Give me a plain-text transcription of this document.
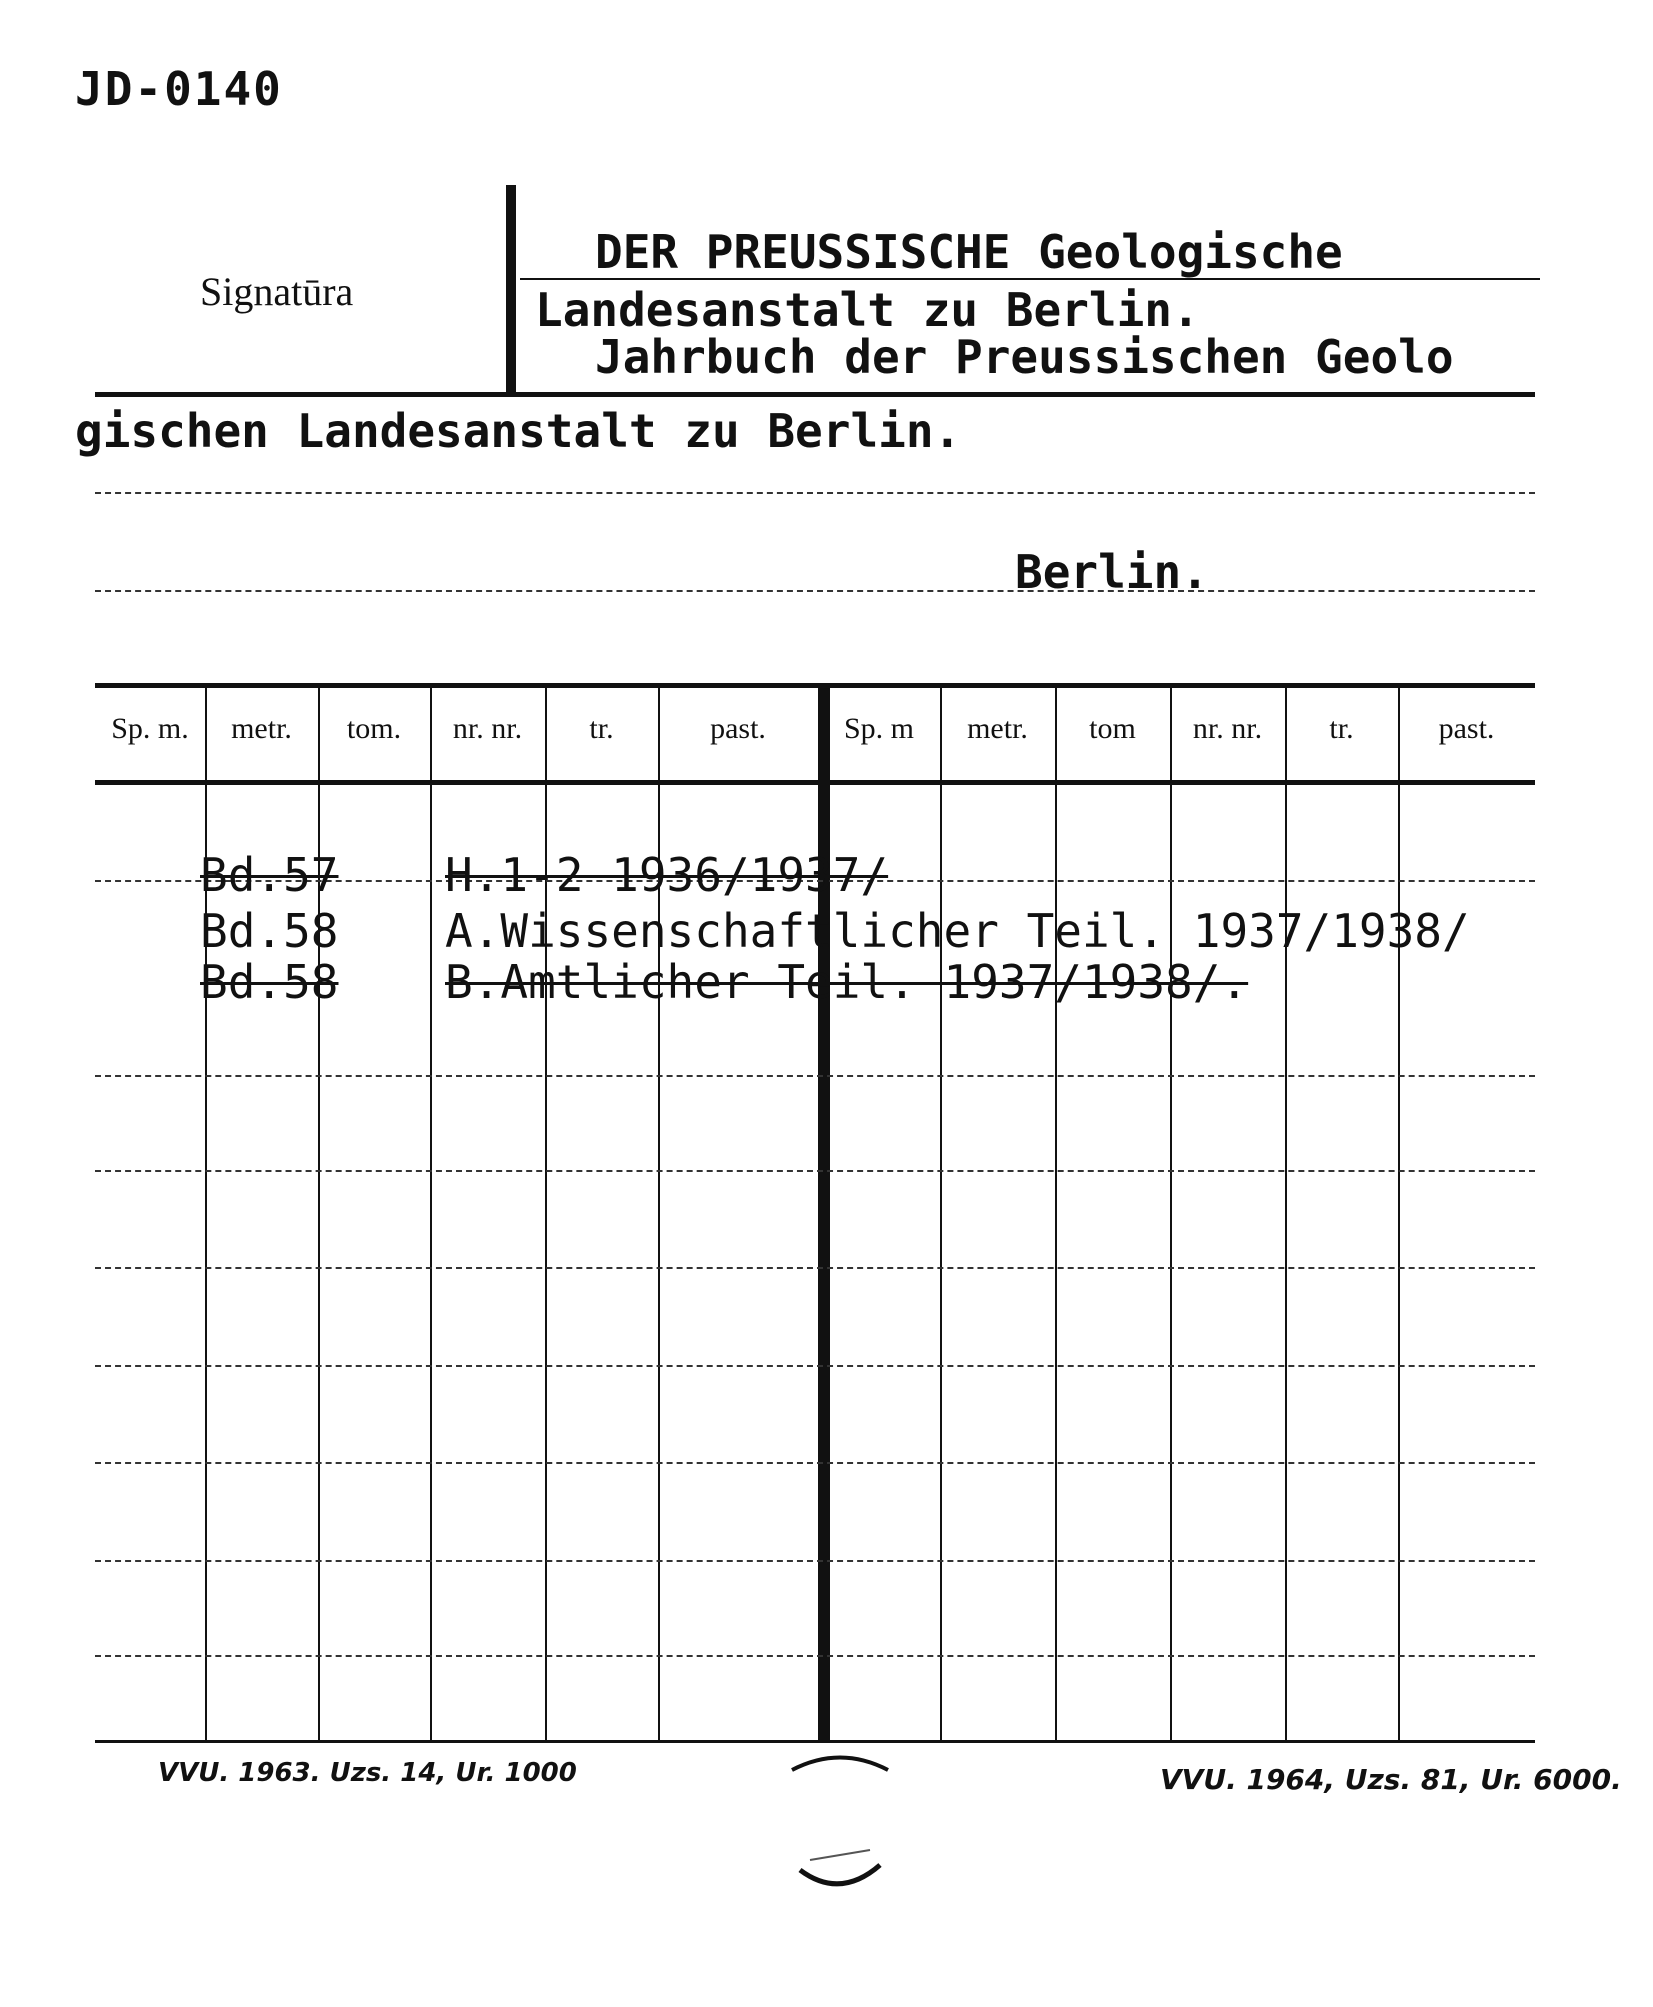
JD-0140
Signatūra
DER PREUSSISCHE Geologische
Landesanstalt zu Berlin.
Jahrbuch der Preussischen Geolo
gischen Landesanstalt zu Berlin.
Berlin.
Sp. m.	metr.	tom.	nr. nr.	tr.	past.	Sp. m	metr.	tom	nr. nr.	tr.	past.
Bd.57 H.1-2 1936/1937/
Bd.58 A.Wissenschaftlicher Teil. 1937/1938/
Bd.58 B.Amtlicher Teil. 1937/1938/.
VVU. 1963. Uzs. 14, Ur. 1000	VVU. 1964, Uzs. 81, Ur. 6000.
